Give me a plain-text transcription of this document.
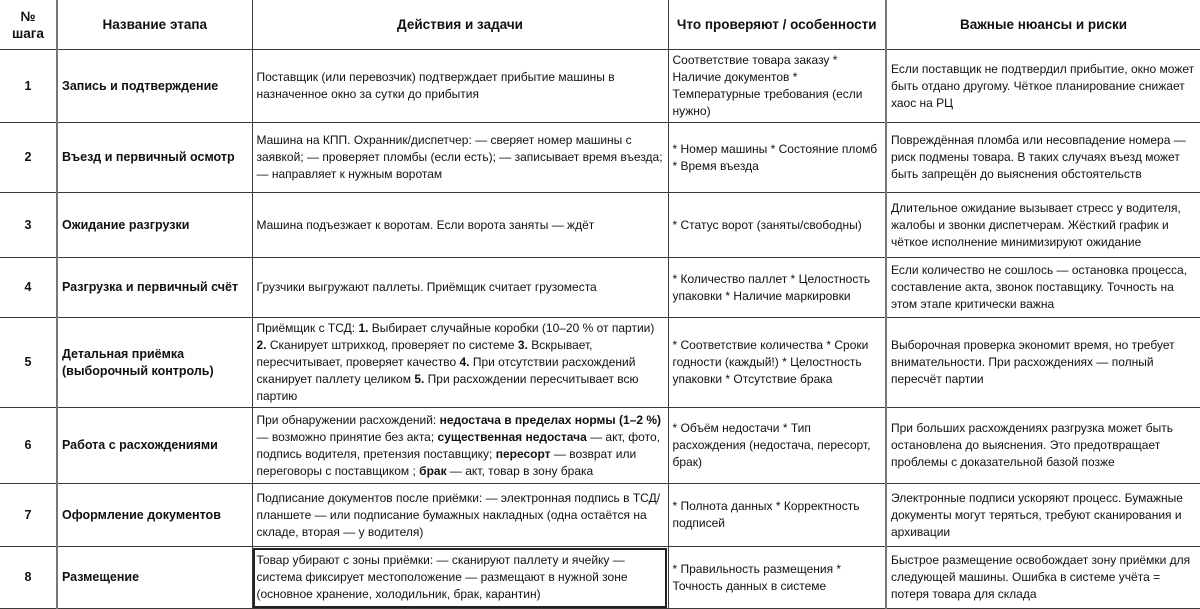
№ шага	Название этапа	Действия и задачи	Что проверяют / особенности	Важные нюансы и риски
1	Запись и подтверждение	Поставщик (или перевозчик) подтверждает прибытие машины в назначенное окно за сутки до прибытия	Соответствие товара заказу * Наличие документов * Температурные требования (если нужно)	Если поставщик не подтвердил прибытие, окно может быть отдано другому. Чёткое планирование снижает хаос на РЦ
2	Въезд и первичный осмотр	Машина на КПП. Охранник/диспетчер: — сверяет номер машины с заявкой; — проверяет пломбы (если есть); — записывает время въезда; — направляет к нужным воротам	* Номер машины * Состояние пломб * Время въезда	Повреждённая пломба или несовпадение номера — риск подмены товара. В таких случаях въезд может быть запрещён до выяснения обстоятельств
3	Ожидание разгрузки	Машина подъезжает к воротам. Если ворота заняты — ждёт	* Статус ворот (заняты/свободны)	Длительное ожидание вызывает стресс у водителя, жалобы и звонки диспетчерам. Жёсткий график и чёткое исполнение минимизируют ожидание
4	Разгрузка и первичный счёт	Грузчики выгружают паллеты. Приёмщик считает грузоместа	* Количество паллет * Целостность упаковки * Наличие маркировки	Если количество не сошлось — остановка процесса, составление акта, звонок поставщику. Точность на этом этапе критически важна
5	Детальная приёмка (выборочный контроль)	Приёмщик с ТСД: 1. Выбирает случайные коробки (10–20 % от партии) 2. Сканирует штрихкод, проверяет по системе 3. Вскрывает, пересчитывает, проверяет качество 4. При отсутствии расхождений сканирует паллету целиком 5. При расхождении пересчитывает всю партию	* Соответствие количества * Сроки годности (каждый!) * Целостность упаковки * Отсутствие брака	Выборочная проверка экономит время, но требует внимательности. При расхождениях — полный пересчёт партии
6	Работа с расхождениями	При обнаружении расхождений: недостача в пределах нормы (1–2 %) — возможно принятие без акта; существенная недостача — акт, фото, подпись водителя, претензия поставщику; пересорт — возврат или переговоры с поставщиком ; брак — акт, товар в зону брака	* Объём недостачи * Тип расхождения (недостача, пересорт, брак)	При больших расхождениях разгрузка может быть остановлена до выяснения. Это предотвращает проблемы с доказательной базой позже
7	Оформление документов	Подписание документов после приёмки: — электронная подпись в ТСД/планшете — или подписание бумажных накладных (одна остаётся на складе, вторая — у водителя)	* Полнота данных * Корректность подписей	Электронные подписи ускоряют процесс. Бумажные документы могут теряться, требуют сканирования и архивации
8	Размещение	Товар убирают с зоны приёмки: — сканируют паллету и ячейку — система фиксирует местоположение — размещают в нужной зоне (основное хранение, холодильник, брак, карантин)	* Правильность размещения * Точность данных в системе	Быстрое размещение освобождает зону приёмки для следующей машины. Ошибка в системе учёта = потеря товара для склада
